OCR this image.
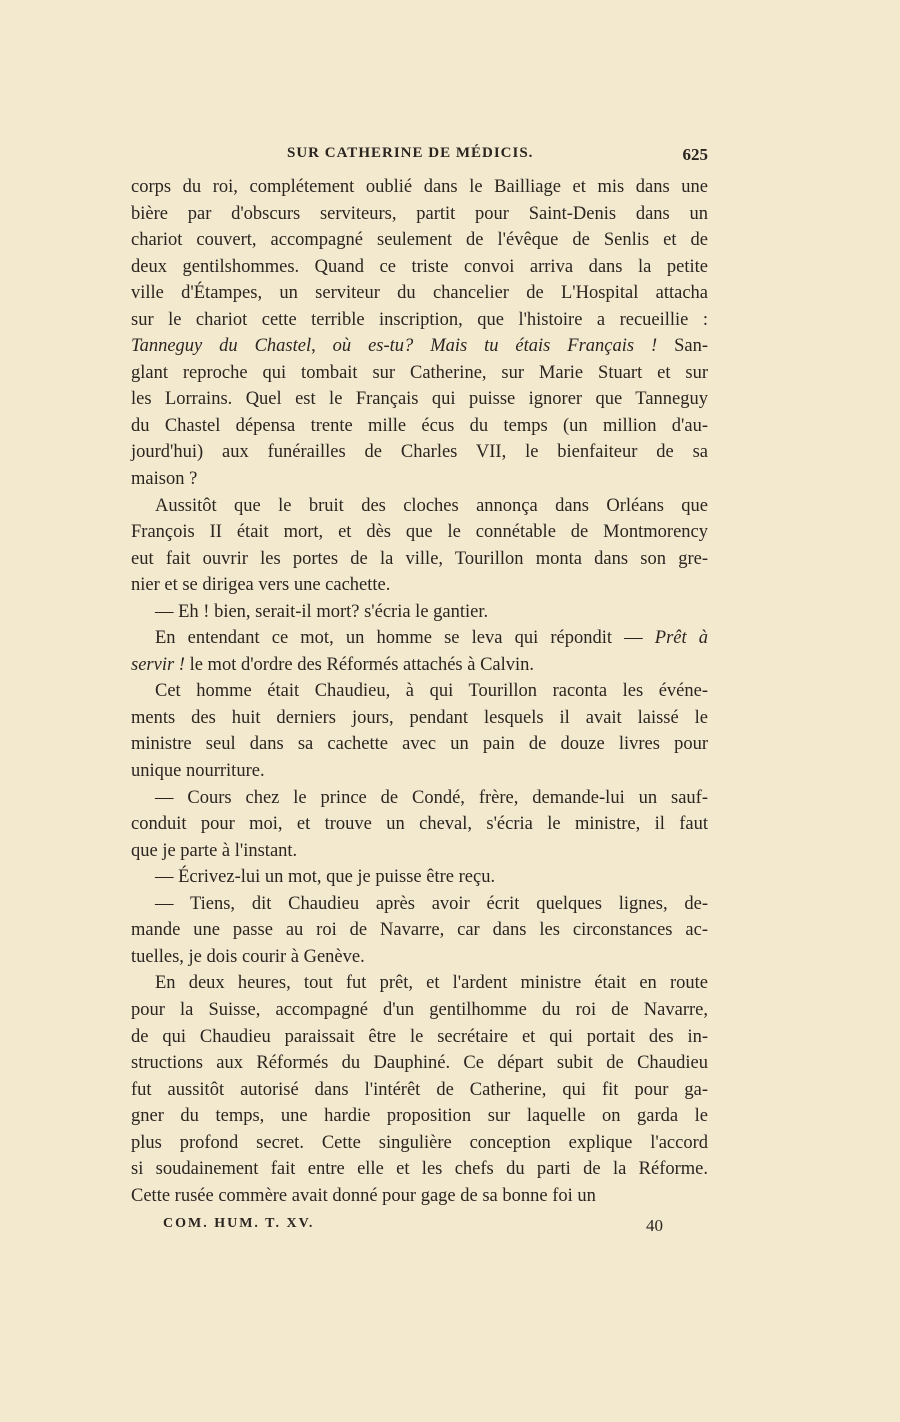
SUR CATHERINE DE MÉDICIS.	625
corps du roi, complétement oublié dans le Bailliage et mis dans une
bière par d'obscurs serviteurs, partit pour Saint-Denis dans un
chariot couvert, accompagné seulement de l'évêque de Senlis et de
deux gentilshommes. Quand ce triste convoi arriva dans la petite
ville d'Étampes, un serviteur du chancelier de L'Hospital attacha
sur le chariot cette terrible inscription, que l'histoire a recueillie :
Tanneguy du Chastel, où es-tu? Mais tu étais Français ! San-
glant reproche qui tombait sur Catherine, sur Marie Stuart et sur
les Lorrains. Quel est le Français qui puisse ignorer que Tanneguy
du Chastel dépensa trente mille écus du temps (un million d'au-
jourd'hui) aux funérailles de Charles VII, le bienfaiteur de sa
maison ?
Aussitôt que le bruit des cloches annonça dans Orléans que
François II était mort, et dès que le connétable de Montmorency
eut fait ouvrir les portes de la ville, Tourillon monta dans son gre-
nier et se dirigea vers une cachette.
— Eh ! bien, serait-il mort? s'écria le gantier.
En entendant ce mot, un homme se leva qui répondit — Prêt à
servir ! le mot d'ordre des Réformés attachés à Calvin.
Cet homme était Chaudieu, à qui Tourillon raconta les événe-
ments des huit derniers jours, pendant lesquels il avait laissé le
ministre seul dans sa cachette avec un pain de douze livres pour
unique nourriture.
— Cours chez le prince de Condé, frère, demande-lui un sauf-
conduit pour moi, et trouve un cheval, s'écria le ministre, il faut
que je parte à l'instant.
— Écrivez-lui un mot, que je puisse être reçu.
— Tiens, dit Chaudieu après avoir écrit quelques lignes, de-
mande une passe au roi de Navarre, car dans les circonstances ac-
tuelles, je dois courir à Genève.
En deux heures, tout fut prêt, et l'ardent ministre était en route
pour la Suisse, accompagné d'un gentilhomme du roi de Navarre,
de qui Chaudieu paraissait être le secrétaire et qui portait des in-
structions aux Réformés du Dauphiné. Ce départ subit de Chaudieu
fut aussitôt autorisé dans l'intérêt de Catherine, qui fit pour ga-
gner du temps, une hardie proposition sur laquelle on garda le
plus profond secret. Cette singulière conception explique l'accord
si soudainement fait entre elle et les chefs du parti de la Réforme.
Cette rusée commère avait donné pour gage de sa bonne foi un
COM. HUM. T. XV.	40
